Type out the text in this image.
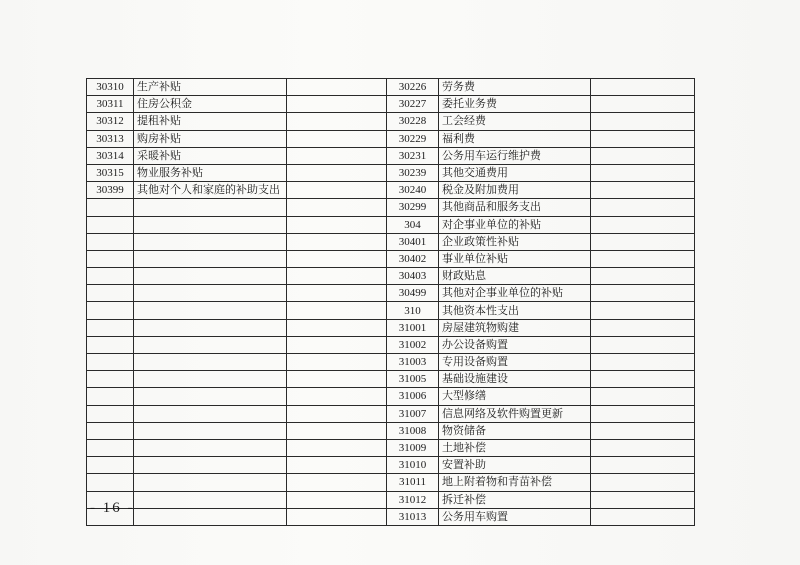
30310	生产补贴		30226	劳务费	
30311	住房公积金		30227	委托业务费	
30312	提租补贴		30228	工会经费	
30313	购房补贴		30229	福利费	
30314	采暖补贴		30231	公务用车运行维护费	
30315	物业服务补贴		30239	其他交通费用	
30399	其他对个人和家庭的补助支出		30240	税金及附加费用	
			30299	其他商品和服务支出	
			304	对企事业单位的补贴	
			30401	企业政策性补贴	
			30402	事业单位补贴	
			30403	财政贴息	
			30499	其他对企事业单位的补贴	
			310	其他资本性支出	
			31001	房屋建筑物购建	
			31002	办公设备购置	
			31003	专用设备购置	
			31005	基础设施建设	
			31006	大型修缮	
			31007	信息网络及软件购置更新	
			31008	物资储备	
			31009	土地补偿	
			31010	安置补助	
			31011	地上附着物和青苗补偿	
			31012	拆迁补偿	
			31013	公务用车购置	
- 16 -
